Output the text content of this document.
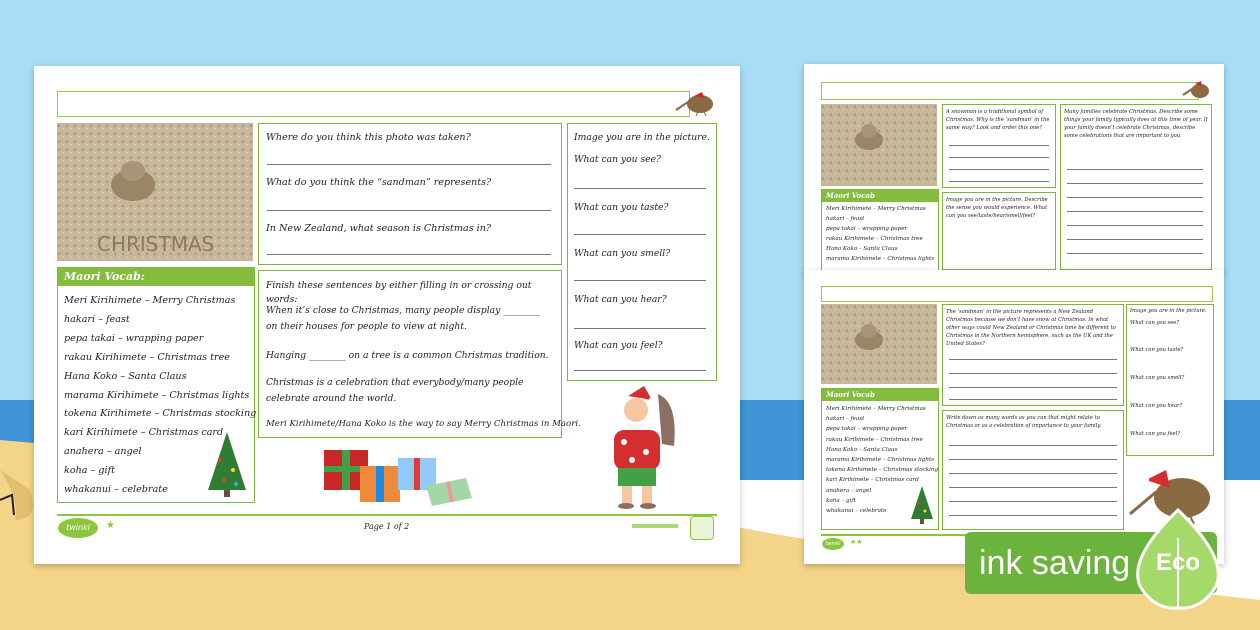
CHRISTMAS
Maori Vocab:
Meri Kirihimete – Merry Christmas
hakari – feast
pepa takai – wrapping paper
rakau Kirihimete – Christmas tree
Hana Koko – Santa Claus
marama Kirihimete – Christmas lights
tokena Kirihimete – Christmas stocking
kari Kirihimete – Christmas card
anahera – angel
koha – gift
whakanui – celebrate
Where do you think this photo was taken?
What do you think the “sandman” represents?
In New Zealand, what season is Christmas in?
Finish these sentences by either filling in or crossing out words:
When it’s close to Christmas, many people display ________ on their houses for people to view at night.
Hanging ________ on a tree is a common Christmas tradition.
Christmas is a celebration that everybody/many people celebrate around the world.
Meri Kirihimete/Hana Koko is the way to say Merry Christmas in Maori.
Image you are in the picture.
What can you see?
What can you taste?
What can you smell?
What can you hear?
What can you feel?
twinkl	★	Page 1 of 2
Maori Vocab
Meri Kirihimete – Merry Christmas
hakari – feast
pepa takai – wrapping paper
rakau Kirihimete – Christmas tree
Hana Koko – Santa Claus
marama Kirihimete – Christmas lights
A snowman is a traditional symbol of Christmas. Why is the ‘sandman’ in the same way? Look and order this one?
Image you are in the picture. Describe the sense you would experience. What can you see/taste/hear/smell/feel?
Many families celebrate Christmas. Describe some things your family typically does at this time of year. If your family doesn’t celebrate Christmas, describe some celebrations that are important to you.
Maori Vocab
Meri Kirihimete – Merry Christmas
hakari – feast
pepa takai – wrapping paper
rakau Kirihimete – Christmas tree
Hana Koko – Santa Claus
marama Kirihimete – Christmas lights
tokena Kirihimete – Christmas stocking
kari Kirihimete – Christmas card
anahera – angel
koha – gift
whakanui – celebrate
The ‘sandman’ in the picture represents a New Zealand Christmas because we don’t have snow at Christmas. In what other ways could New Zealand or Christmas time be different to Christmas in the Northern hemisphere, such as the UK and the United States?
Write down as many words as you can that might relate to Christmas or as a celebration of importance to your family.
Image you are in the picture.
What can you see?
What can you taste?
What can you smell?
What can you hear?
What can you feel?
twinkl	★★
ink saving Eco
